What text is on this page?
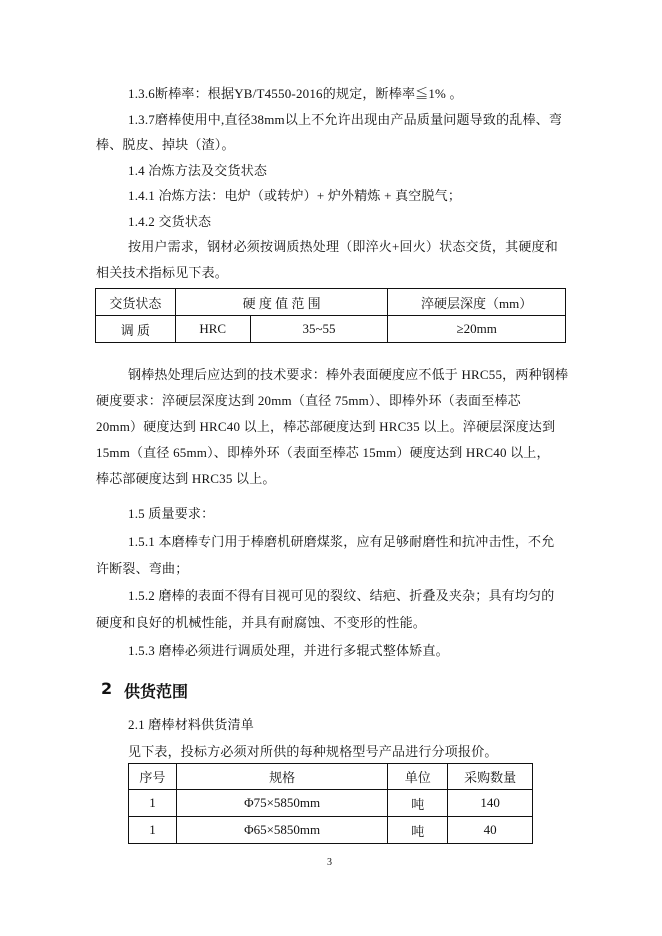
1.3.6断棒率：根据YB/T4550-2016的规定，断棒率≦1% 。
1.3.7磨棒使用中,直径38mm以上不允许出现由产品质量问题导致的乱棒、弯
棒、脱皮、掉块（渣）。
1.4 冶炼方法及交货状态
1.4.1 冶炼方法：电炉（或转炉）+ 炉外精炼 + 真空脱气；
1.4.2 交货状态
按用户需求，钢材必须按调质热处理（即淬火+回火）状态交货，其硬度和
相关技术指标见下表。
交货状态	硬 度 值 范 围		淬硬层深度（mm）
调 质	HRC	35~55	≥20mm
钢棒热处理后应达到的技术要求：棒外表面硬度应不低于 HRC55，两种钢棒
硬度要求：淬硬层深度达到 20mm（直径 75mm）、即棒外环（表面至棒芯
20mm）硬度达到 HRC40 以上，棒芯部硬度达到 HRC35 以上。淬硬层深度达到
15mm（直径 65mm）、即棒外环（表面至棒芯 15mm）硬度达到 HRC40 以上，
棒芯部硬度达到 HRC35 以上。
1.5 质量要求：
1.5.1 本磨棒专门用于棒磨机研磨煤浆，应有足够耐磨性和抗冲击性，不允
许断裂、弯曲；
1.5.2 磨棒的表面不得有目视可见的裂纹、结疤、折叠及夹杂；具有均匀的
硬度和良好的机械性能，并具有耐腐蚀、不变形的性能。
1.5.3 磨棒必须进行调质处理，并进行多辊式整体矫直。
2 供货范围
2.1 磨棒材料供货清单
见下表，投标方必须对所供的每种规格型号产品进行分项报价。
序号	规格	单位	采购数量
1	Φ75×5850mm	吨	140
1	Φ65×5850mm	吨	40
3
